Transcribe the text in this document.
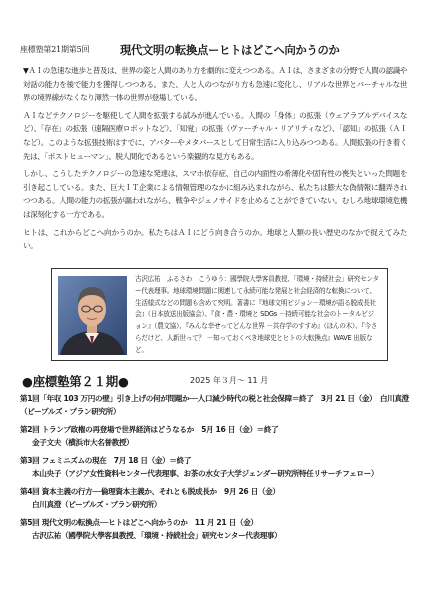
座標塾第21期第5回	現代文明の転換点ーヒトはどこへ向かうのか

▼ＡＩの急速な進歩と普及は、世界の姿と人間のあり方を劇的に変えつつある。ＡＩは、さまざまの分野で人間の認識や対話の能力を後で能力を獲得しつつある。また、人と人のつながり方も急速に変化し、リアルな世界とバーチャルな世界の境界線がなくなり渾然一体の世界が登場している。

ＡＩなどテクノロジーを駆使して人間を拡張する試みが進んでいる。人間の「身体」の拡張（ウェアラブルデバイスなど）、「存在」の拡張（遠隔医療ロボットなど）、「知覚」の拡張（ヴァーチャル・リアリティなど）、「認知」の拡張（ＡＩなど）。このような拡張技術はすでに、アバターやメタバースとして日常生活に入り込みつつある。人間拡張の行き着く先は、「ポストヒューマン」、脱人間化であるという楽観的な見方もある。

しかし、こうしたテクノロジーの急速な発達は、スマホ依存症、自己の内面性の希薄化や固有性の喪失といった問題を引き起こしている。また、巨大ＩＴ企業による情報管理のなかに組み込まれながら、私たちは膨大な偽情報に翻弄されつつある。人間の能力の拡張が謳われながら、戦争やジェノサイドを止めることができていない。むしろ地球環境危機は深刻化する一方である。

ヒトは、これからどこへ向かうのか。私たちはＡＩにどう向き合うのか。地球と人類の長い歴史のなかで捉えてみたい。

古沢広祐　ふるさわ　こうゆう：國學院大學客員教授、「環境・持続社会」研究センター代表理事。地球環境問題に関連して永続可能な発展と社会経済的な転換について、生活様式などの問題も含めて究明。著書に『地球文明ビジョン－環境が語る脱成長社会』（日本放送出版協会）、『食・農・環境と SDGs －持続可能な社会のトータルビジョン』（農文協）、『みんな幸せってどんな世界 －共存学のすすめ』（ほんの木）、『今さらだけど、人新世って？ －知っておくべき地球史とヒトの大転換点』WAVE 出版など。
●座標塾第２１期●	2025 年３月～ 11 月
第1回「年収 103 万円の壁」引き上げの何が問題か──人口減少時代の税と社会保障＝終了　3月 21 日（金）　白川真澄（ピープルズ・プラン研究所）
第2回 トランプ政権の再登場で世界経済はどうなるか　5月 16 日（金）＝終了
金子文夫（横浜市大名誉教授）
第3回 フェミニズムの現在　7月 18 日（金）＝終了
本山央子（アジア女性資料センター代表理事、お茶の水女子大学ジェンダー研究所特任リサーチフェロー）
第4回 資本主義の行方──倫理資本主義か、それとも脱成長か　9月 26 日（金）
白川真澄（ピープルズ・プラン研究所）
第5回 現代文明の転換点──ヒトはどこへ向かうのか　11 月 21 日（金）
古沢広祐（國學院大學客員教授、「環境・持続社会」研究センター代表理事）
